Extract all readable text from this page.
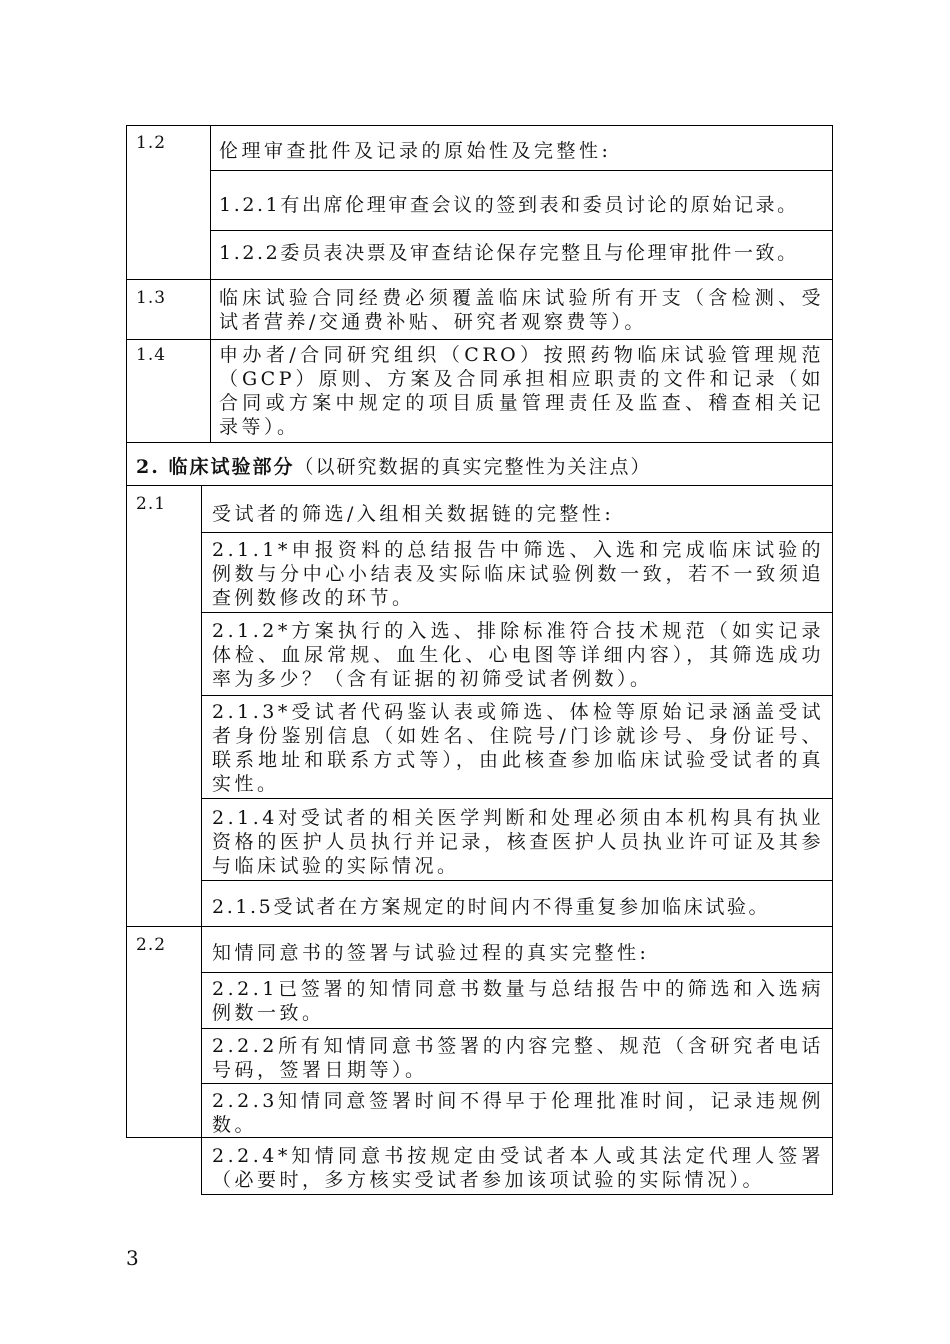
1.2	伦理审查批件及记录的原始性及完整性:
1.2.1有出席伦理审查会议的签到表和委员讨论的原始记录。
1.2.2委员表决票及审查结论保存完整且与伦理审批件一致。
1.3	临床试验合同经费必须覆盖临床试验所有开支（含检测、受试者营养/交通费补贴、研究者观察费等）。
1.4	申办者/合同研究组织（CRO）按照药物临床试验管理规范（GCP）原则、方案及合同承担相应职责的文件和记录（如合同或方案中规定的项目质量管理责任及监查、稽查相关记录等）。
2. 临床试验部分（以研究数据的真实完整性为关注点）
2.1 受试者的筛选/入组相关数据链的完整性:
2.1.1*申报资料的总结报告中筛选、入选和完成临床试验的例数与分中心小结表及实际临床试验例数一致，若不一致须追查例数修改的环节。
2.1.2*方案执行的入选、排除标准符合技术规范（如实记录体检、血尿常规、血生化、心电图等详细内容），其筛选成功率为多少？（含有证据的初筛受试者例数）。
2.1.3*受试者代码鉴认表或筛选、体检等原始记录涵盖受试者身份鉴别信息（如姓名、住院号/门诊就诊号、身份证号、联系地址和联系方式等），由此核查参加临床试验受试者的真实性。
2.1.4对受试者的相关医学判断和处理必须由本机构具有执业资格的医护人员执行并记录，核查医护人员执业许可证及其参与临床试验的实际情况。
2.1.5受试者在方案规定的时间内不得重复参加临床试验。
2.2 知情同意书的签署与试验过程的真实完整性:
2.2.1已签署的知情同意书数量与总结报告中的筛选和入选病例数一致。
2.2.2所有知情同意书签署的内容完整、规范（含研究者电话号码，签署日期等）。
2.2.3知情同意签署时间不得早于伦理批准时间，记录违规例数。
2.2.4*知情同意书按规定由受试者本人或其法定代理人签署（必要时，多方核实受试者参加该项试验的实际情况）。
3
